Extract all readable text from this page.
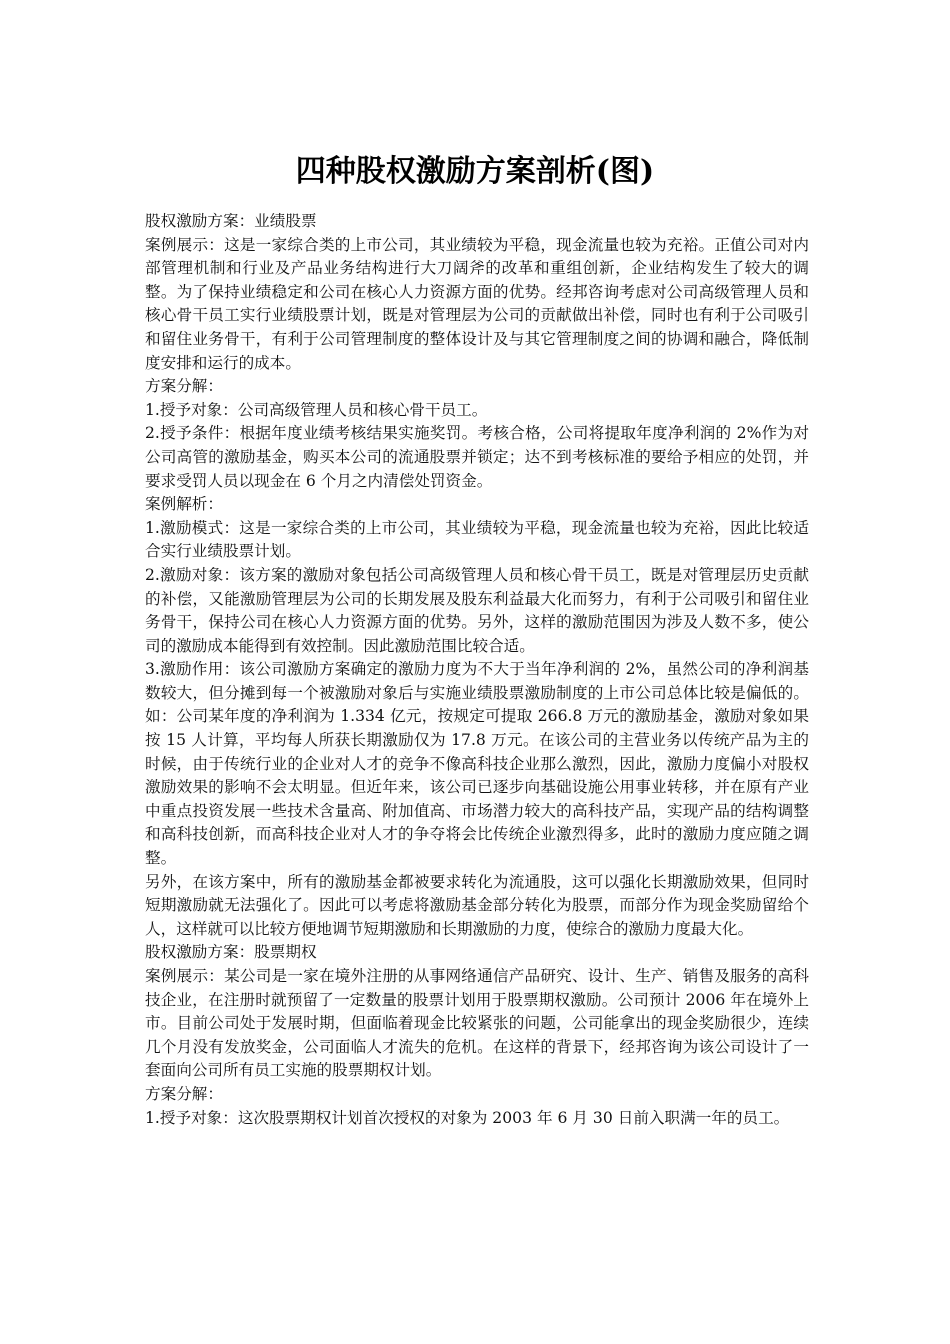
四种股权激励方案剖析(图)

股权激励方案：业绩股票

案例展示：这是一家综合类的上市公司，其业绩较为平稳，现金流量也较为充裕。正值公司对内部管理机制和行业及产品业务结构进行大刀阔斧的改革和重组创新，企业结构发生了较大的调整。为了保持业绩稳定和公司在核心人力资源方面的优势。经邦咨询考虑对公司高级管理人员和核心骨干员工实行业绩股票计划，既是对管理层为公司的贡献做出补偿，同时也有利于公司吸引和留住业务骨干，有利于公司管理制度的整体设计及与其它管理制度之间的协调和融合，降低制度安排和运行的成本。

方案分解：

1.授予对象：公司高级管理人员和核心骨干员工。

2.授予条件：根据年度业绩考核结果实施奖罚。考核合格，公司将提取年度净利润的 2%作为对公司高管的激励基金，购买本公司的流通股票并锁定；达不到考核标准的要给予相应的处罚，并要求受罚人员以现金在 6 个月之内清偿处罚资金。

案例解析：

1.激励模式：这是一家综合类的上市公司，其业绩较为平稳，现金流量也较为充裕，因此比较适合实行业绩股票计划。

2.激励对象：该方案的激励对象包括公司高级管理人员和核心骨干员工，既是对管理层历史贡献的补偿，又能激励管理层为公司的长期发展及股东利益最大化而努力，有利于公司吸引和留住业务骨干，保持公司在核心人力资源方面的优势。另外，这样的激励范围因为涉及人数不多，使公司的激励成本能得到有效控制。因此激励范围比较合适。

3.激励作用：该公司激励方案确定的激励力度为不大于当年净利润的 2%，虽然公司的净利润基数较大，但分摊到每一个被激励对象后与实施业绩股票激励制度的上市公司总体比较是偏低的。如：公司某年度的净利润为 1.334 亿元，按规定可提取 266.8 万元的激励基金，激励对象如果按 15 人计算，平均每人所获长期激励仅为 17.8 万元。在该公司的主营业务以传统产品为主的时候，由于传统行业的企业对人才的竞争不像高科技企业那么激烈，因此，激励力度偏小对股权激励效果的影响不会太明显。但近年来，该公司已逐步向基础设施公用事业转移，并在原有产业中重点投资发展一些技术含量高、附加值高、市场潜力较大的高科技产品，实现产品的结构调整和高科技创新，而高科技企业对人才的争夺将会比传统企业激烈得多，此时的激励力度应随之调整。

另外，在该方案中，所有的激励基金都被要求转化为流通股，这可以强化长期激励效果，但同时短期激励就无法强化了。因此可以考虑将激励基金部分转化为股票，而部分作为现金奖励留给个人，这样就可以比较方便地调节短期激励和长期激励的力度，使综合的激励力度最大化。

股权激励方案：股票期权

案例展示：某公司是一家在境外注册的从事网络通信产品研究、设计、生产、销售及服务的高科技企业，在注册时就预留了一定数量的股票计划用于股票期权激励。公司预计 2006 年在境外上市。目前公司处于发展时期，但面临着现金比较紧张的问题，公司能拿出的现金奖励很少，连续几个月没有发放奖金，公司面临人才流失的危机。在这样的背景下，经邦咨询为该公司设计了一套面向公司所有员工实施的股票期权计划。

方案分解：

1.授予对象：这次股票期权计划首次授权的对象为 2003 年 6 月 30 日前入职满一年的员工。
